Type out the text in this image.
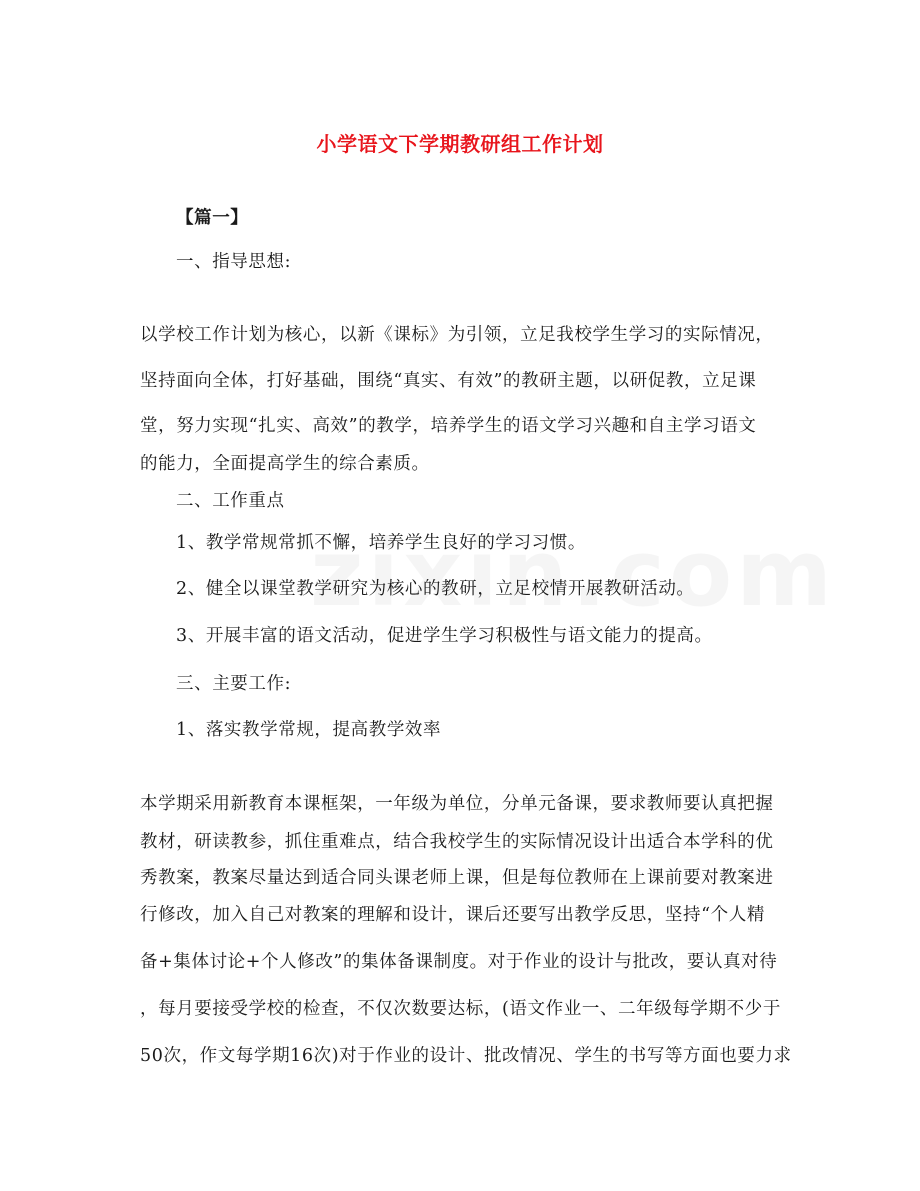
小学语文下学期教研组工作计划
【篇一】
一、指导思想:
以学校工作计划为核心，以新《课标》为引领，立足我校学生学习的实际情况，
坚持面向全体，打好基础，围绕“真实、有效”的教研主题，以研促教，立足课
堂，努力实现“扎实、高效”的教学，培养学生的语文学习兴趣和自主学习语文
的能力，全面提高学生的综合素质。
二、工作重点
1、教学常规常抓不懈，培养学生良好的学习习惯。
2、健全以课堂教学研究为核心的教研，立足校情开展教研活动。
3、开展丰富的语文活动，促进学生学习积极性与语文能力的提高。
三、主要工作:
1、落实教学常规，提高教学效率
本学期采用新教育本课框架，一年级为单位，分单元备课，要求教师要认真把握
教材，研读教参，抓住重难点，结合我校学生的实际情况设计出适合本学科的优
秀教案，教案尽量达到适合同头课老师上课，但是每位教师在上课前要对教案进
行修改，加入自己对教案的理解和设计，课后还要写出教学反思，坚持“个人精
备+集体讨论+个人修改”的集体备课制度。对于作业的设计与批改，要认真对待
，每月要接受学校的检查，不仅次数要达标，(语文作业一、二年级每学期不少于
50次，作文每学期16次)对于作业的设计、批改情况、学生的书写等方面也要力求
